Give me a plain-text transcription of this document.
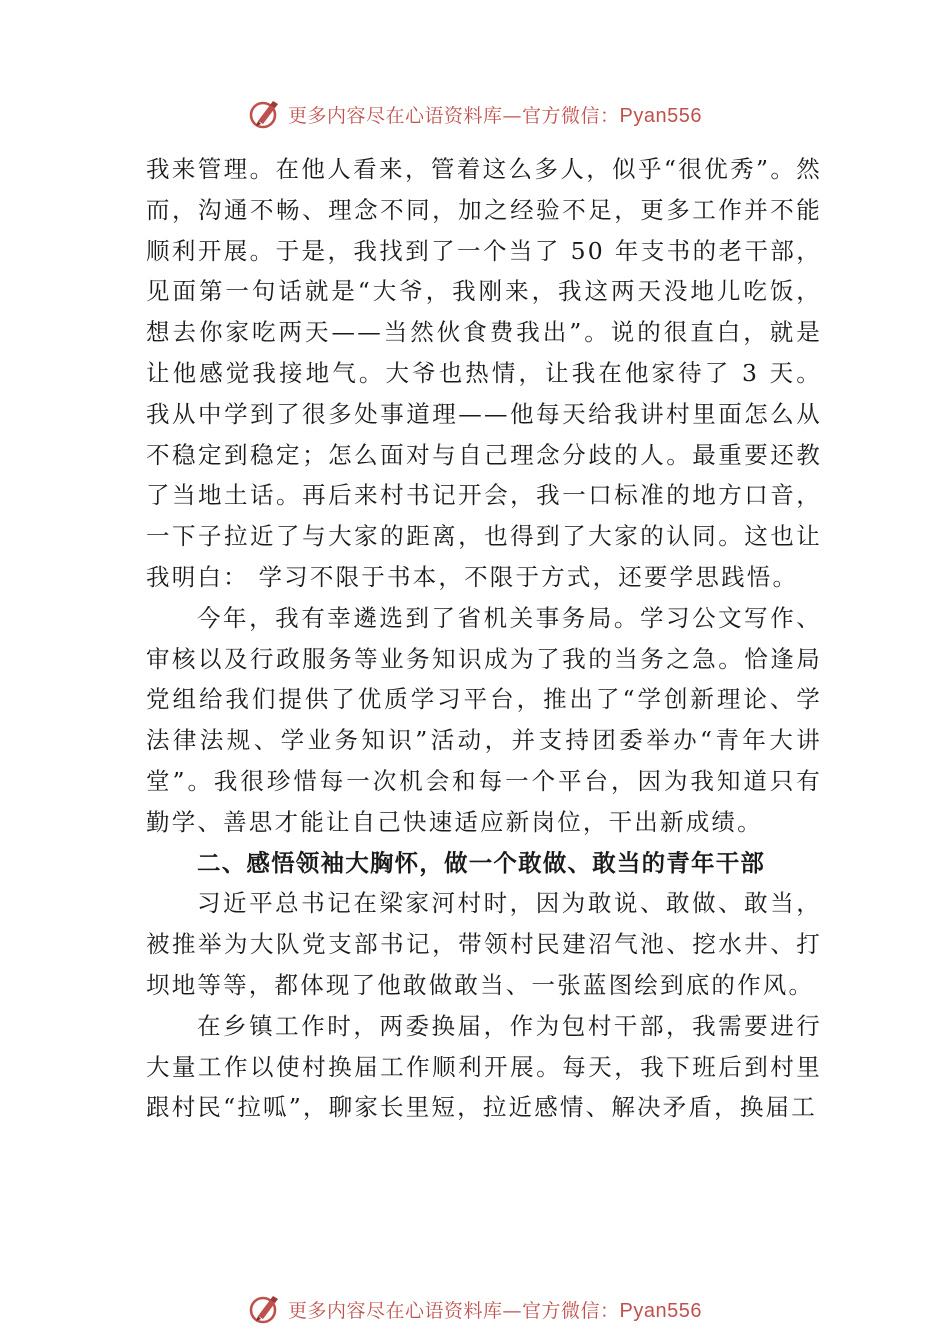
更多内容尽在心语资料库—官方微信：Pyan556

我来管理。在他人看来，管着这么多人，似乎“很优秀”。然而，沟通不畅、理念不同，加之经验不足，更多工作并不能顺利开展。于是，我找到了一个当了 50 年支书的老干部，见面第一句话就是“大爷，我刚来，我这两天没地儿吃饭，想去你家吃两天——当然伙食费我出”。说的很直白，就是让他感觉我接地气。大爷也热情，让我在他家待了 3 天。我从中学到了很多处事道理——他每天给我讲村里面怎么从不稳定到稳定；怎么面对与自己理念分歧的人。最重要还教了当地土话。再后来村书记开会，我一口标准的地方口音，一下子拉近了与大家的距离，也得到了大家的认同。这也让我明白： 学习不限于书本，不限于方式，还要学思践悟。

今年，我有幸遴选到了省机关事务局。学习公文写作、审核以及行政服务等业务知识成为了我的当务之急。恰逢局党组给我们提供了优质学习平台，推出了“学创新理论、学法律法规、学业务知识”活动，并支持团委举办“青年大讲堂”。我很珍惜每一次机会和每一个平台，因为我知道只有勤学、善思才能让自己快速适应新岗位，干出新成绩。

二、感悟领袖大胸怀，做一个敢做、敢当的青年干部

习近平总书记在梁家河村时，因为敢说、敢做、敢当，被推举为大队党支部书记，带领村民建沼气池、挖水井、打坝地等等，都体现了他敢做敢当、一张蓝图绘到底的作风。

在乡镇工作时，两委换届，作为包村干部，我需要进行大量工作以使村换届工作顺利开展。每天，我下班后到村里跟村民“拉呱”，聊家长里短，拉近感情、解决矛盾，换届工

更多内容尽在心语资料库—官方微信：Pyan556
